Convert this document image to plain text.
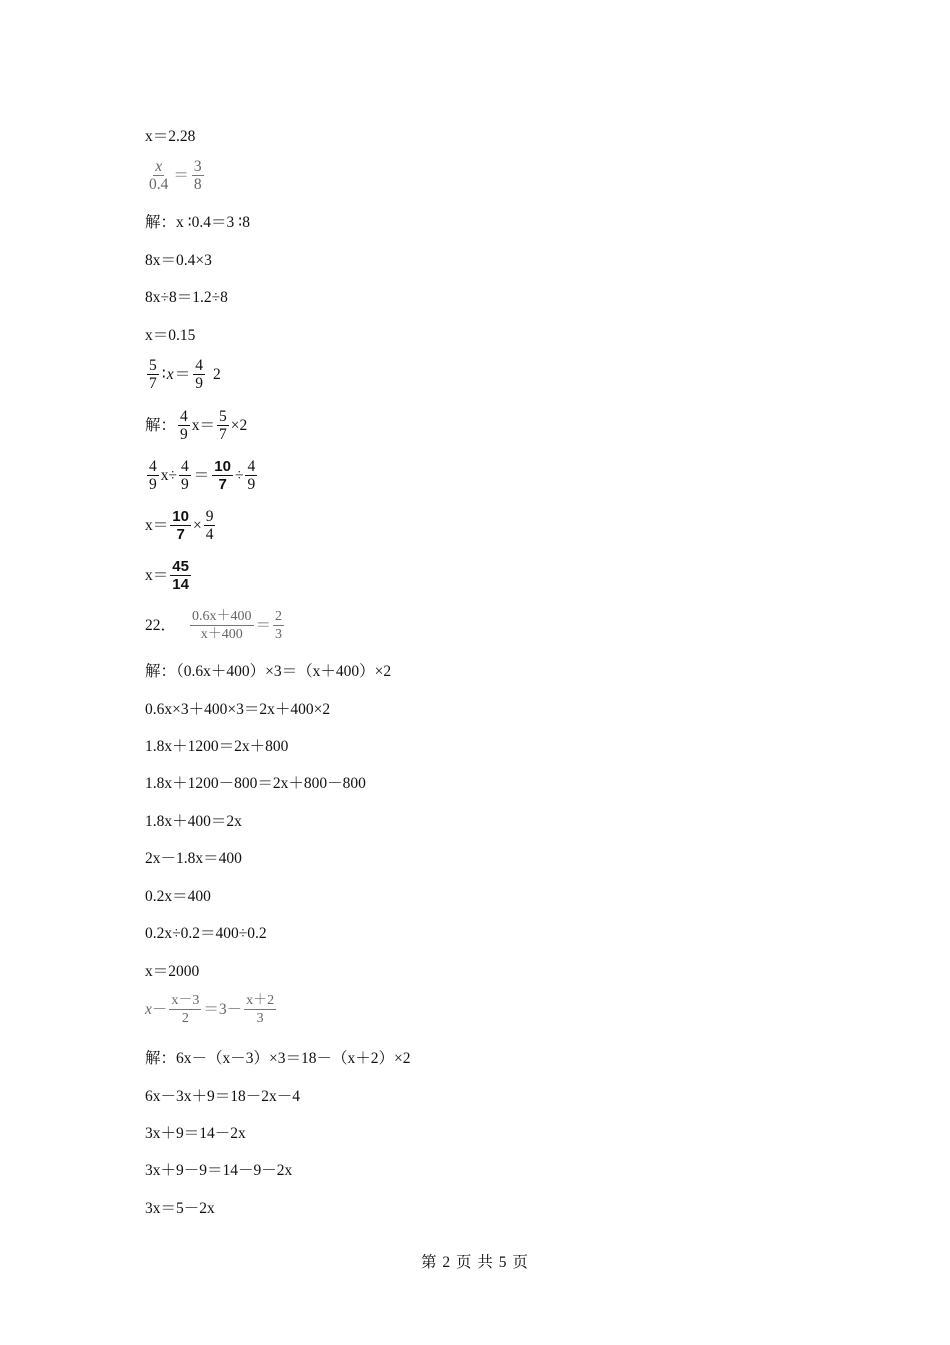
x＝2.28
$\frac{x}{0.4} = \frac{3}{8}$
解：x ∶0.4＝3 ∶8
8x＝0.4×3
8x÷8＝1.2÷8
x＝0.15
$\frac{5}{7}$ ∶ $x = \frac{4}{9} 2$
解： $\frac{4}{9} x= \frac{5}{7} \times 2$
$\frac{4}{9} x\div \frac{4}{9} = \frac{10}{7} \div \frac{4}{9}$
$x= \frac{10}{7} \times \frac{9}{4}$
$x= \frac{45}{14}$
22． $\frac{0.6x+400}{x+400} = \frac{2}{3}$
解：（0.6x＋400）×3＝（x＋400）×2
0.6x×3＋400×3＝2x＋400×2
1.8x＋1200＝2x＋800
1.8x＋1200－800＝2x＋800－800
1.8x＋400＝2x
2x－1.8x＝400
0.2x＝400
0.2x÷0.2＝400÷0.2
x＝2000
$x - \frac{x-3}{2} =3- \frac{x+2}{3}$
解：6x－（x－3）×3＝18－（x＋2）×2
6x－3x＋9＝18－2x－4
3x＋9＝14－2x
3x＋9－9＝14－9－2x
3x＝5－2x
第 2 页 共 5 页
